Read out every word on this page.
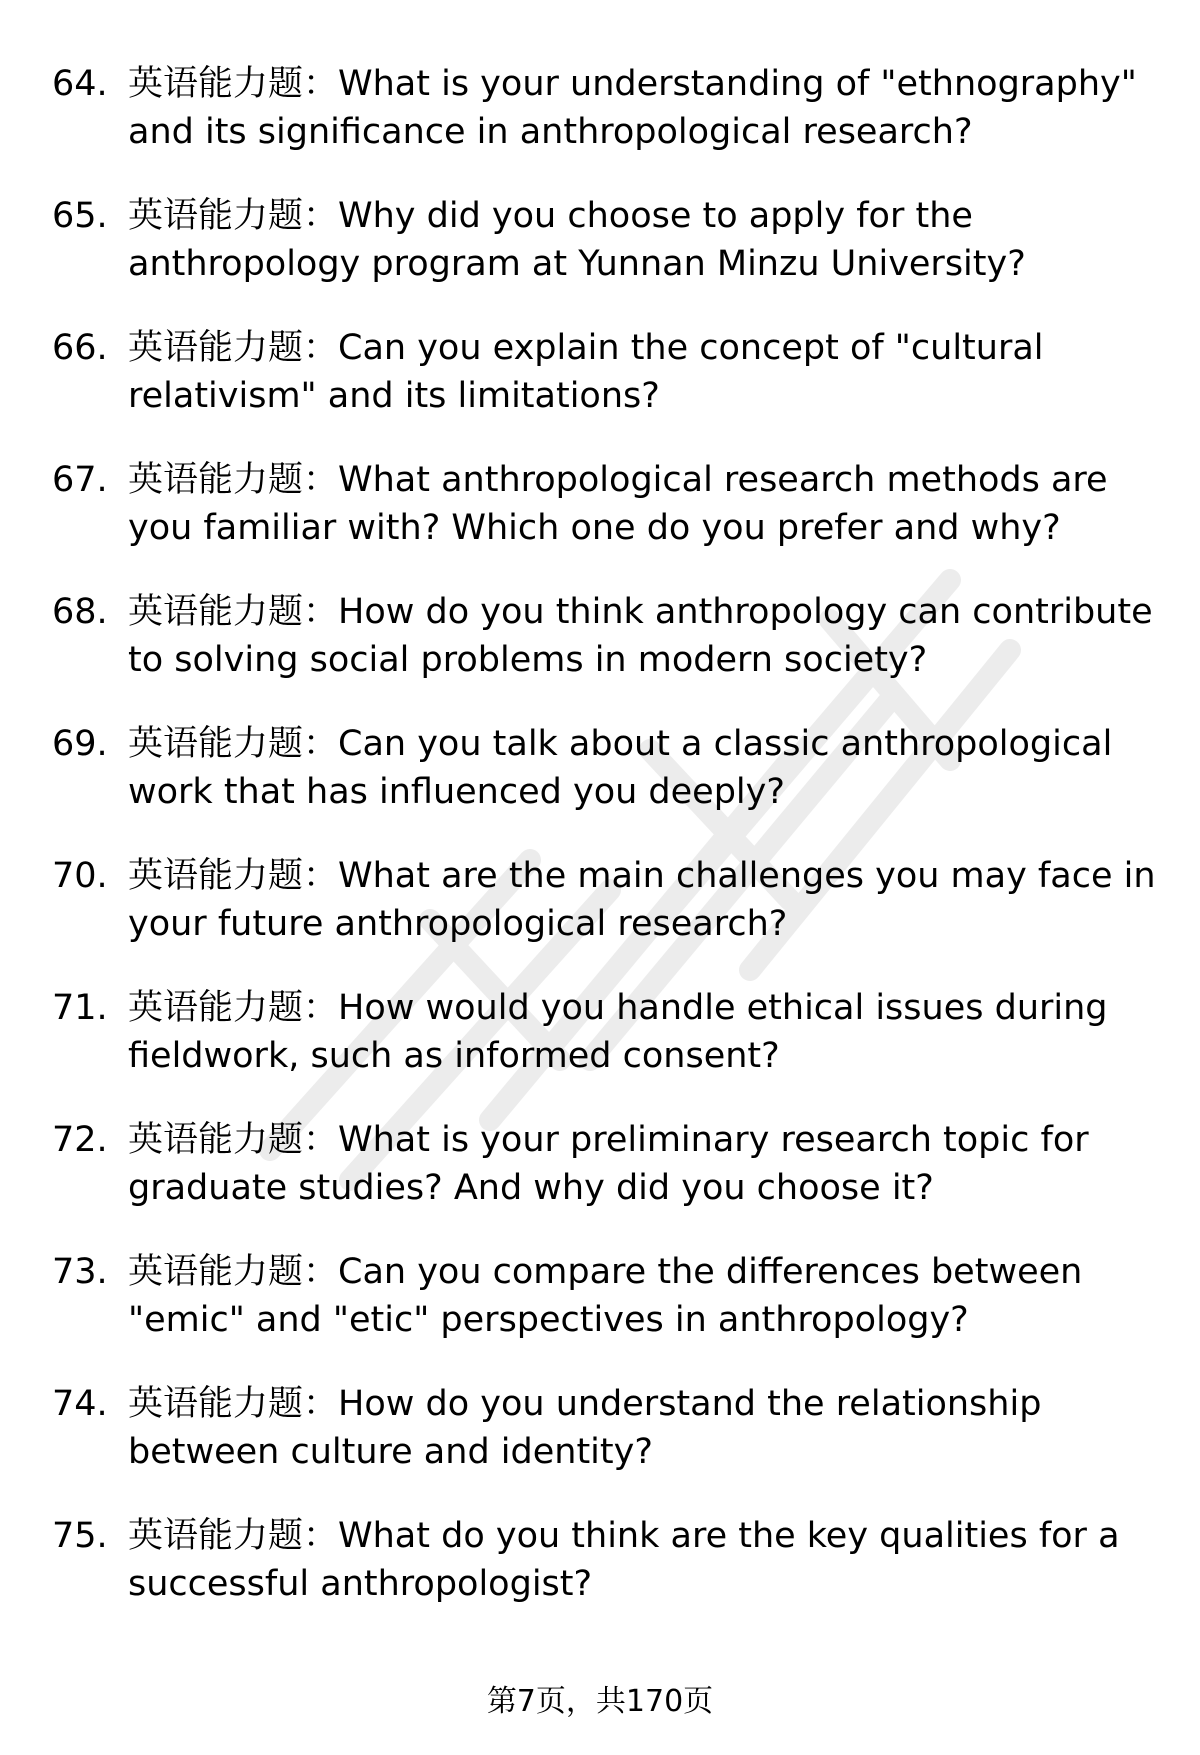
64. 英语能力题：What is your understanding of "ethnography" and its significance in anthropological research?
65. 英语能力题：Why did you choose to apply for the anthropology program at Yunnan Minzu University?
66. 英语能力题：Can you explain the concept of "cultural relativism" and its limitations?
67. 英语能力题：What anthropological research methods are you familiar with? Which one do you prefer and why?
68. 英语能力题：How do you think anthropology can contribute to solving social problems in modern society?
69. 英语能力题：Can you talk about a classic anthropological work that has influenced you deeply?
70. 英语能力题：What are the main challenges you may face in your future anthropological research?
71. 英语能力题：How would you handle ethical issues during fieldwork, such as informed consent?
72. 英语能力题：What is your preliminary research topic for graduate studies? And why did you choose it?
73. 英语能力题：Can you compare the differences between "emic" and "etic" perspectives in anthropology?
74. 英语能力题：How do you understand the relationship between culture and identity?
75. 英语能力题：What do you think are the key qualities for a successful anthropologist?
第7页，共170页
